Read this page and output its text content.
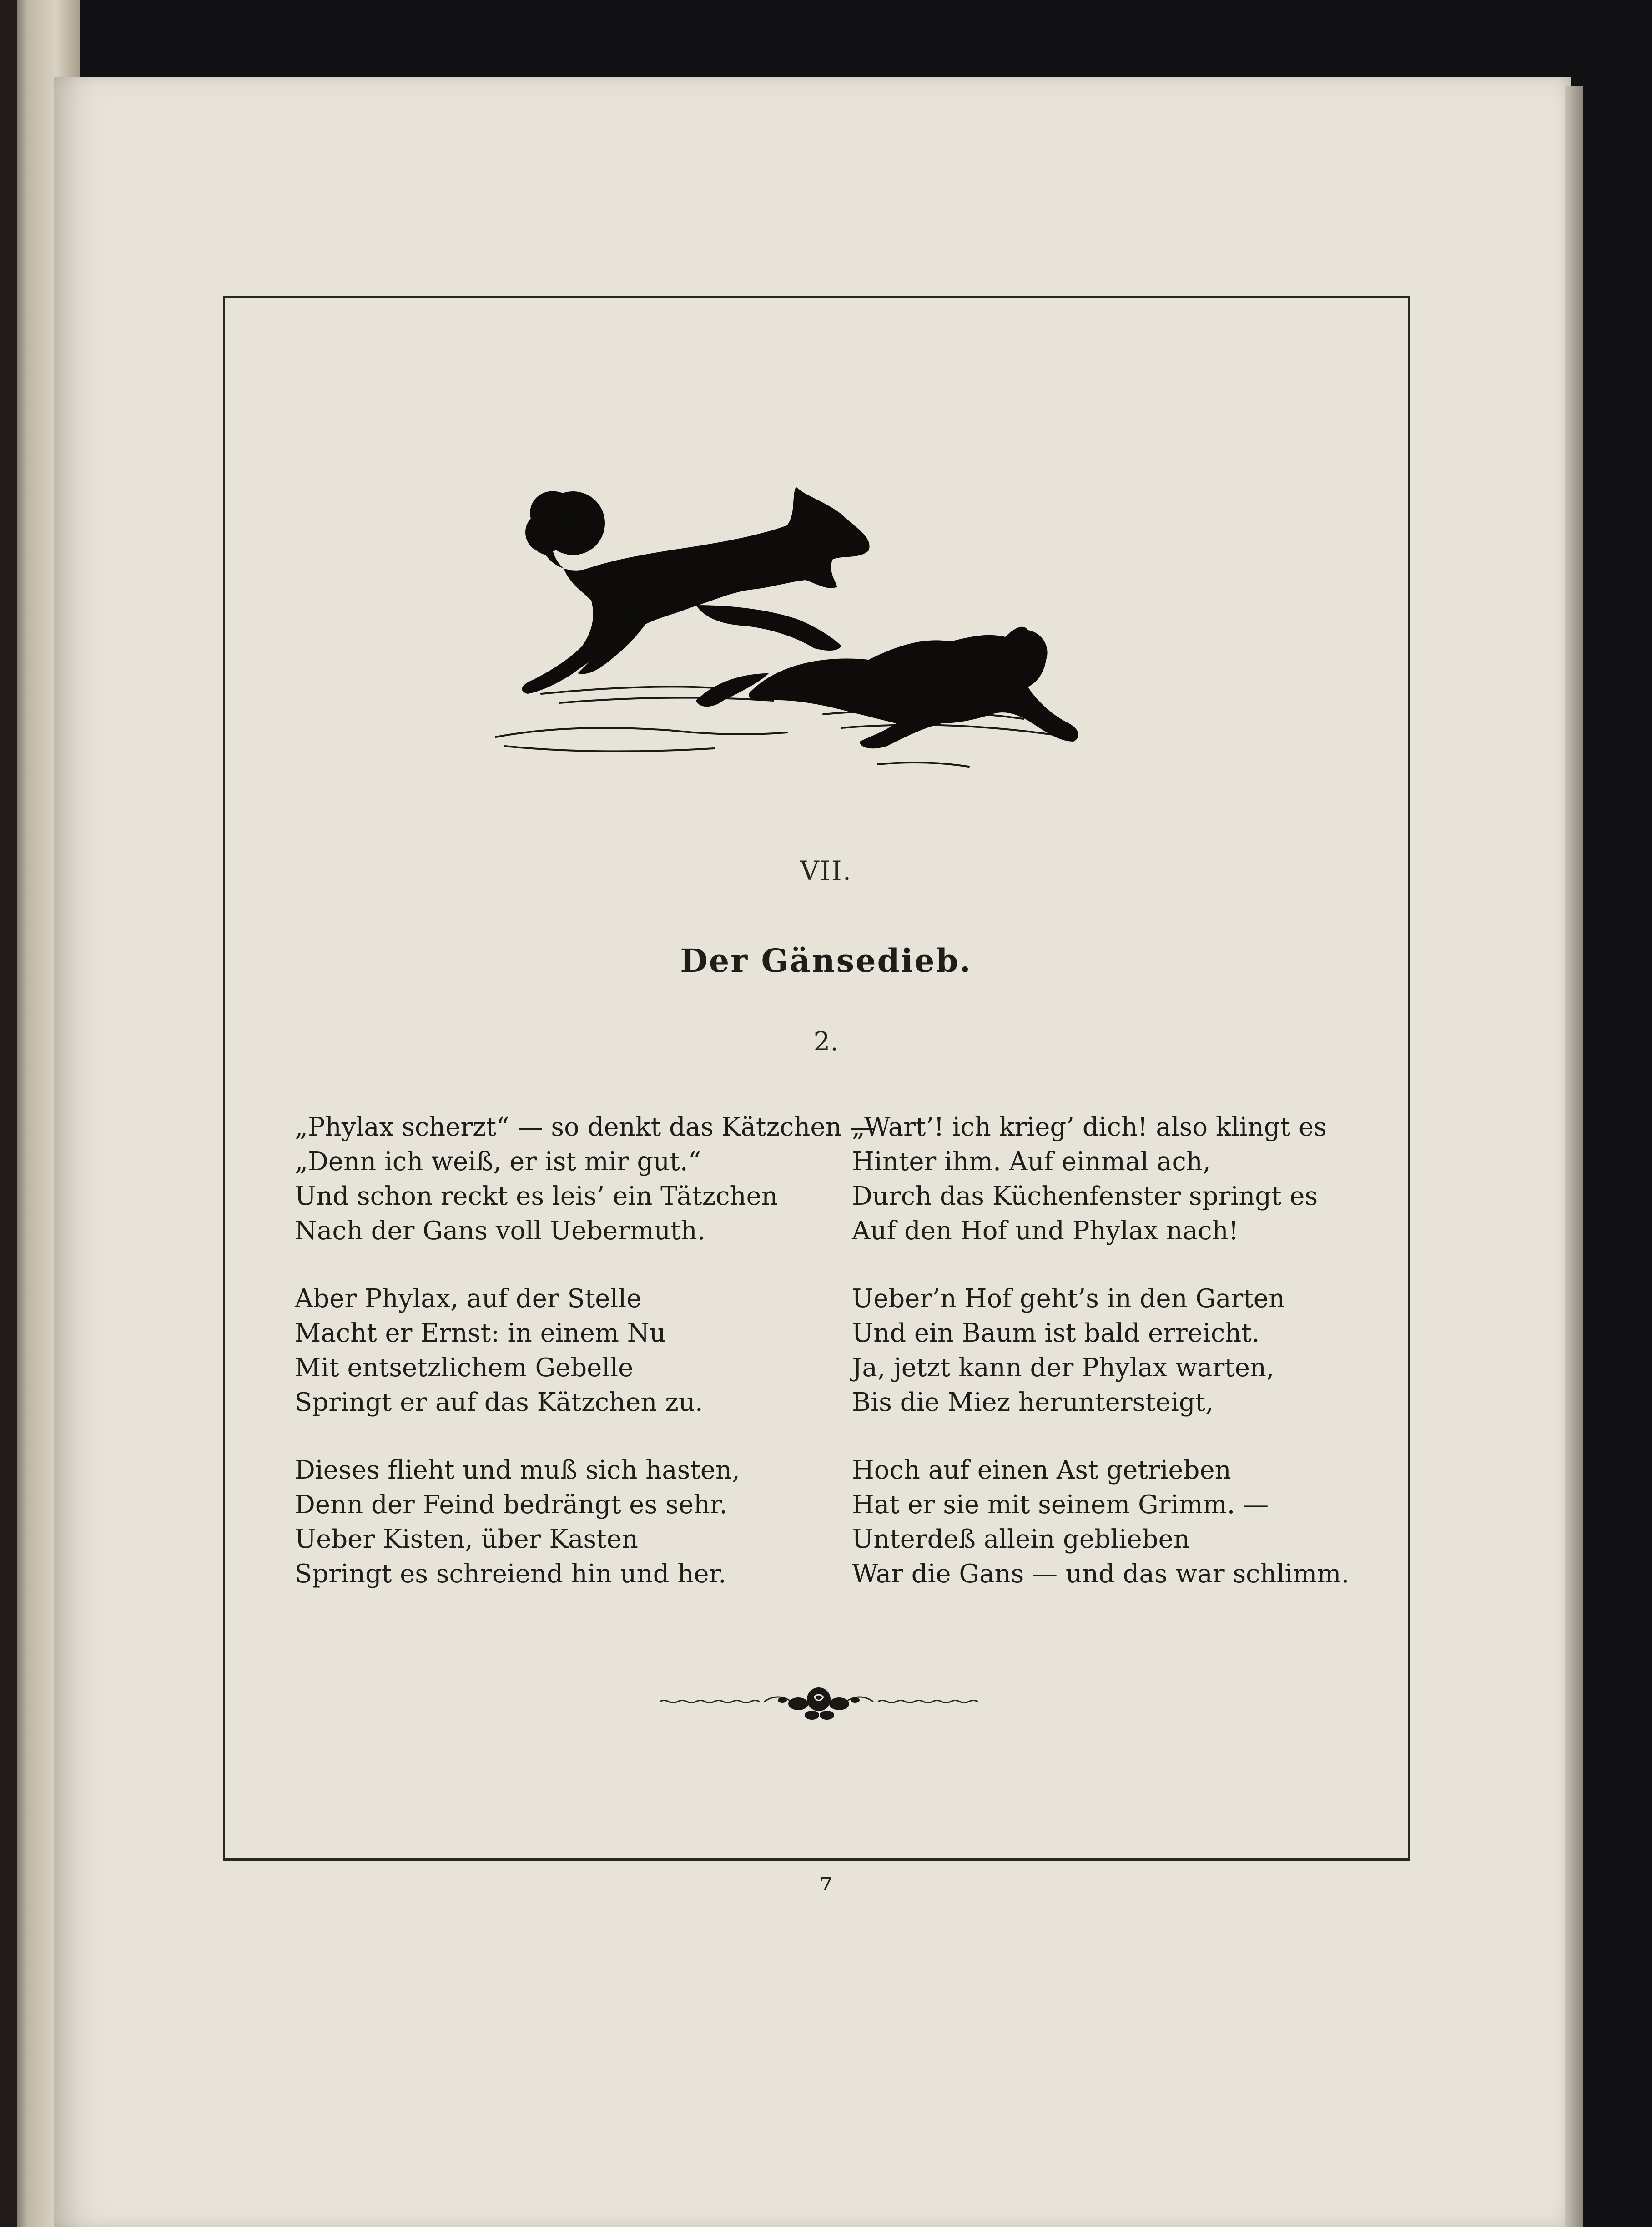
VII.
Der Gänsedieb.
2.
„Phylax scherzt“ — so denkt das Kätzchen —
„Denn ich weiß, er ist mir gut.“
Und schon reckt es leis’ ein Tätzchen
Nach der Gans voll Uebermuth.
Aber Phylax, auf der Stelle
Macht er Ernst: in einem Nu
Mit entsetzlichem Gebelle
Springt er auf das Kätzchen zu.
Dieses flieht und muß sich hasten,
Denn der Feind bedrängt es sehr.
Ueber Kisten, über Kasten
Springt es schreiend hin und her.
„Wart’! ich krieg’ dich! also klingt es
Hinter ihm. Auf einmal ach,
Durch das Küchenfenster springt es
Auf den Hof und Phylax nach!
Ueber’n Hof geht’s in den Garten
Und ein Baum ist bald erreicht.
Ja, jetzt kann der Phylax warten,
Bis die Miez heruntersteigt,
Hoch auf einen Ast getrieben
Hat er sie mit seinem Grimm. —
Unterdeß allein geblieben
War die Gans — und das war schlimm.
7
